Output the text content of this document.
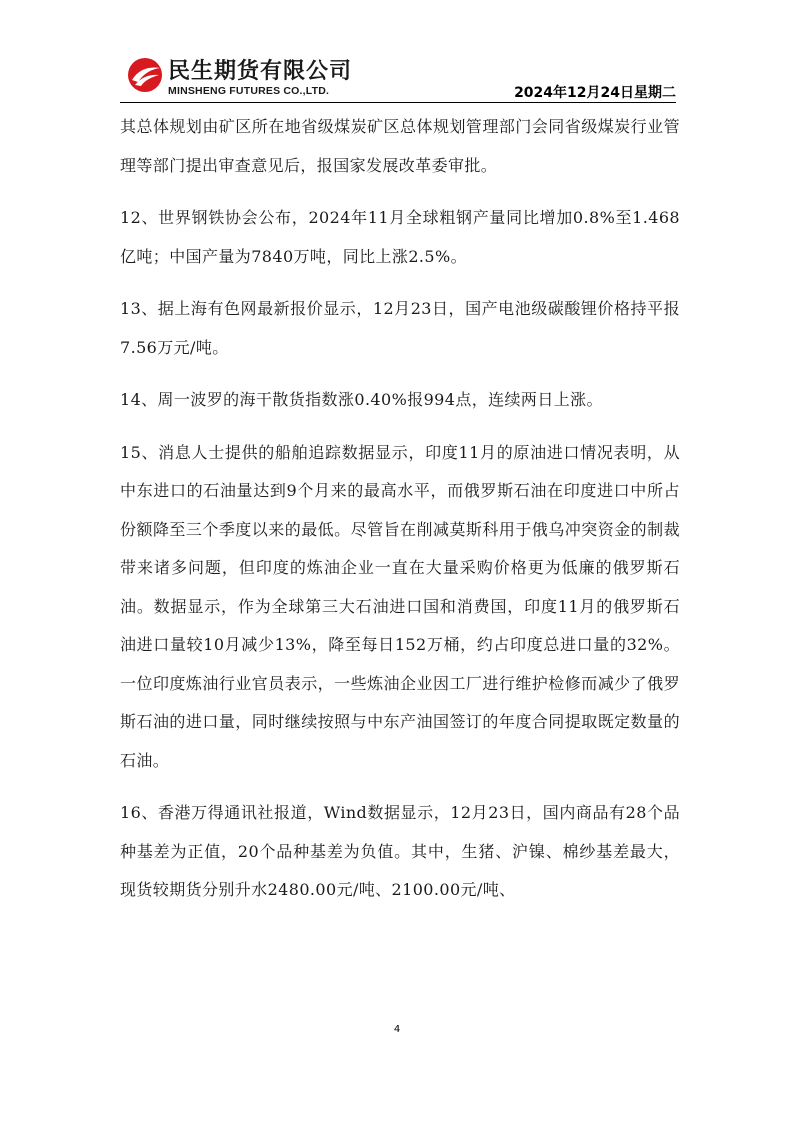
民生期货有限公司
MINSHENG FUTURES CO.,LTD.	2024年12月24日星期二

其总体规划由矿区所在地省级煤炭矿区总体规划管理部门会同省级煤炭行业管理等部门提出审查意见后，报国家发展改革委审批。

12、世界钢铁协会公布，2024年11月全球粗钢产量同比增加0.8%至1.468亿吨；中国产量为7840万吨，同比上涨2.5%。

13、据上海有色网最新报价显示，12月23日，国产电池级碳酸锂价格持平报7.56万元/吨。

14、周一波罗的海干散货指数涨0.40%报994点，连续两日上涨。

15、消息人士提供的船舶追踪数据显示，印度11月的原油进口情况表明，从中东进口的石油量达到9个月来的最高水平，而俄罗斯石油在印度进口中所占份额降至三个季度以来的最低。尽管旨在削减莫斯科用于俄乌冲突资金的制裁带来诸多问题，但印度的炼油企业一直在大量采购价格更为低廉的俄罗斯石油。数据显示，作为全球第三大石油进口国和消费国，印度11月的俄罗斯石油进口量较10月减少13%，降至每日152万桶，约占印度总进口量的32%。一位印度炼油行业官员表示，一些炼油企业因工厂进行维护检修而减少了俄罗斯石油的进口量，同时继续按照与中东产油国签订的年度合同提取既定数量的石油。

16、香港万得通讯社报道，Wind数据显示，12月23日，国内商品有28个品种基差为正值，20个品种基差为负值。其中，生猪、沪镍、棉纱基差最大，现货较期货分别升水2480.00元/吨、2100.00元/吨、

4
